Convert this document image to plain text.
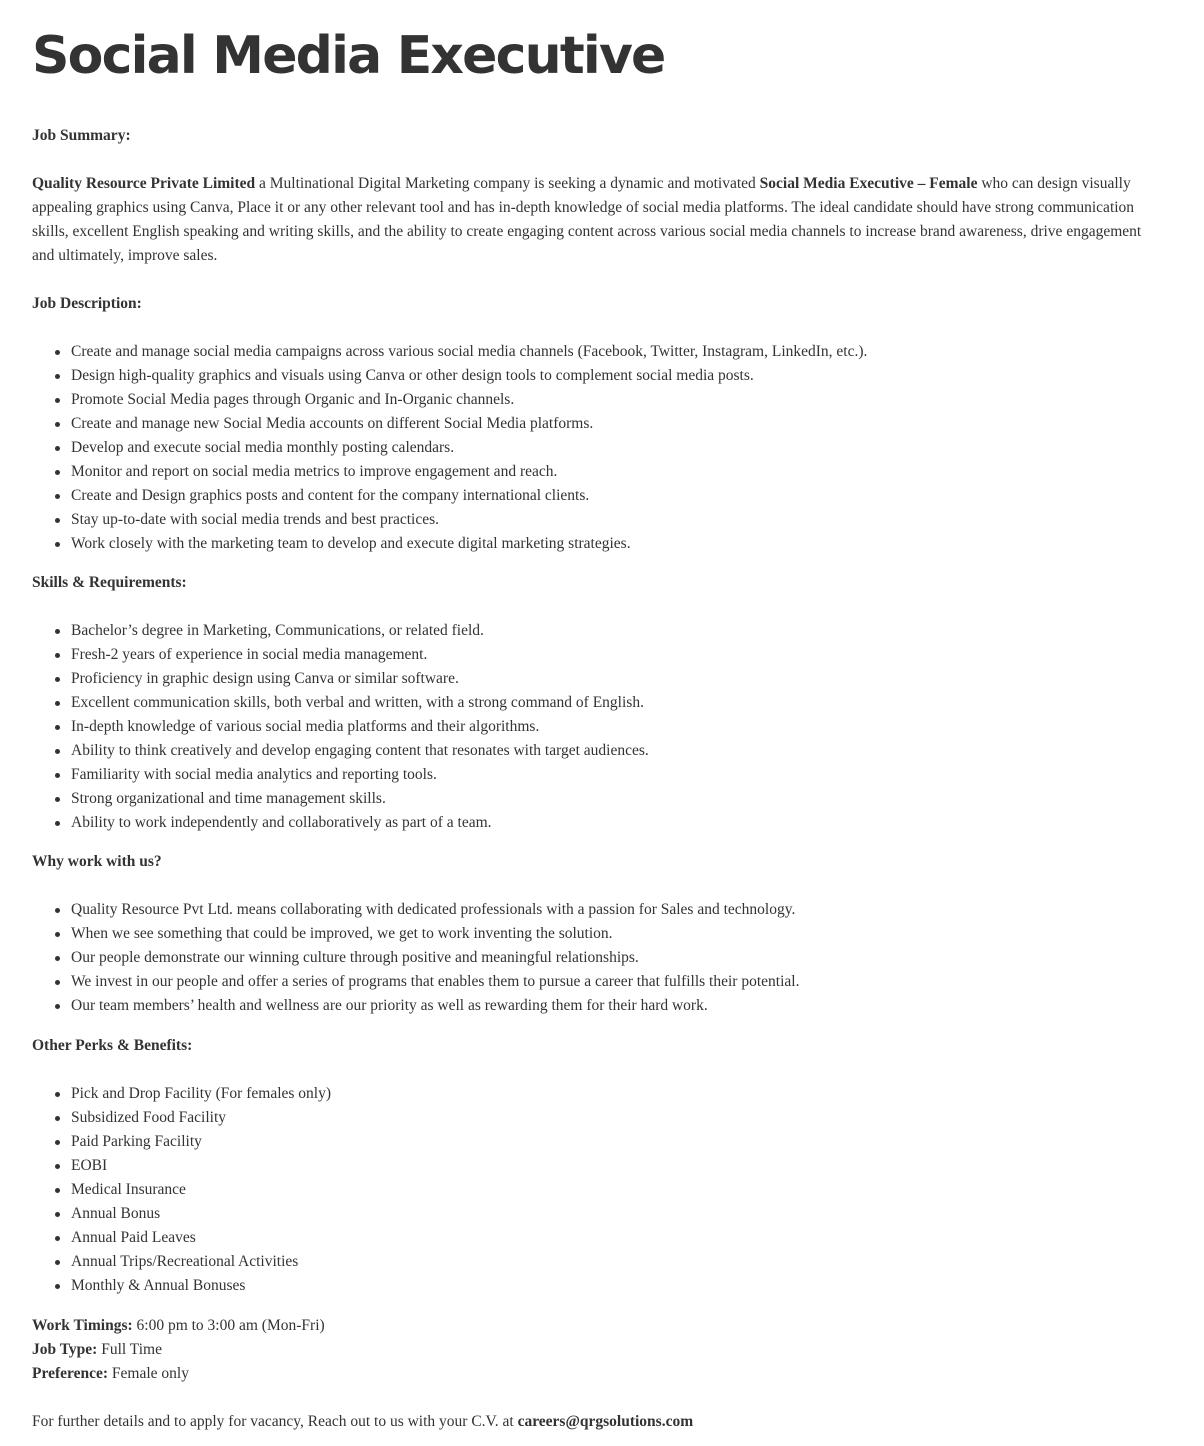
Social Media Executive

Job Summary:

Quality Resource Private Limited a Multinational Digital Marketing company is seeking a dynamic and motivated Social Media Executive – Female who can design visually appealing graphics using Canva, Place it or any other relevant tool and has in-depth knowledge of social media platforms. The ideal candidate should have strong communication skills, excellent English speaking and writing skills, and the ability to create engaging content across various social media channels to increase brand awareness, drive engagement and ultimately, improve sales.

Job Description:

Create and manage social media campaigns across various social media channels (Facebook, Twitter, Instagram, LinkedIn, etc.).
Design high-quality graphics and visuals using Canva or other design tools to complement social media posts.
Promote Social Media pages through Organic and In-Organic channels.
Create and manage new Social Media accounts on different Social Media platforms.
Develop and execute social media monthly posting calendars.
Monitor and report on social media metrics to improve engagement and reach.
Create and Design graphics posts and content for the company international clients.
Stay up-to-date with social media trends and best practices.
Work closely with the marketing team to develop and execute digital marketing strategies.

Skills & Requirements:

Bachelor’s degree in Marketing, Communications, or related field.
Fresh-2 years of experience in social media management.
Proficiency in graphic design using Canva or similar software.
Excellent communication skills, both verbal and written, with a strong command of English.
In-depth knowledge of various social media platforms and their algorithms.
Ability to think creatively and develop engaging content that resonates with target audiences.
Familiarity with social media analytics and reporting tools.
Strong organizational and time management skills.
Ability to work independently and collaboratively as part of a team.

Why work with us?

Quality Resource Pvt Ltd. means collaborating with dedicated professionals with a passion for Sales and technology.
When we see something that could be improved, we get to work inventing the solution.
Our people demonstrate our winning culture through positive and meaningful relationships.
We invest in our people and offer a series of programs that enables them to pursue a career that fulfills their potential.
Our team members’ health and wellness are our priority as well as rewarding them for their hard work.

Other Perks & Benefits:

Pick and Drop Facility (For females only)
Subsidized Food Facility
Paid Parking Facility
EOBI
Medical Insurance
Annual Bonus
Annual Paid Leaves
Annual Trips/Recreational Activities
Monthly & Annual Bonuses
Work Timings: 6:00 pm to 3:00 am (Mon-Fri)
Job Type: Full Time
Preference: Female only

For further details and to apply for vacancy, Reach out to us with your C.V. at careers@qrgsolutions.com
